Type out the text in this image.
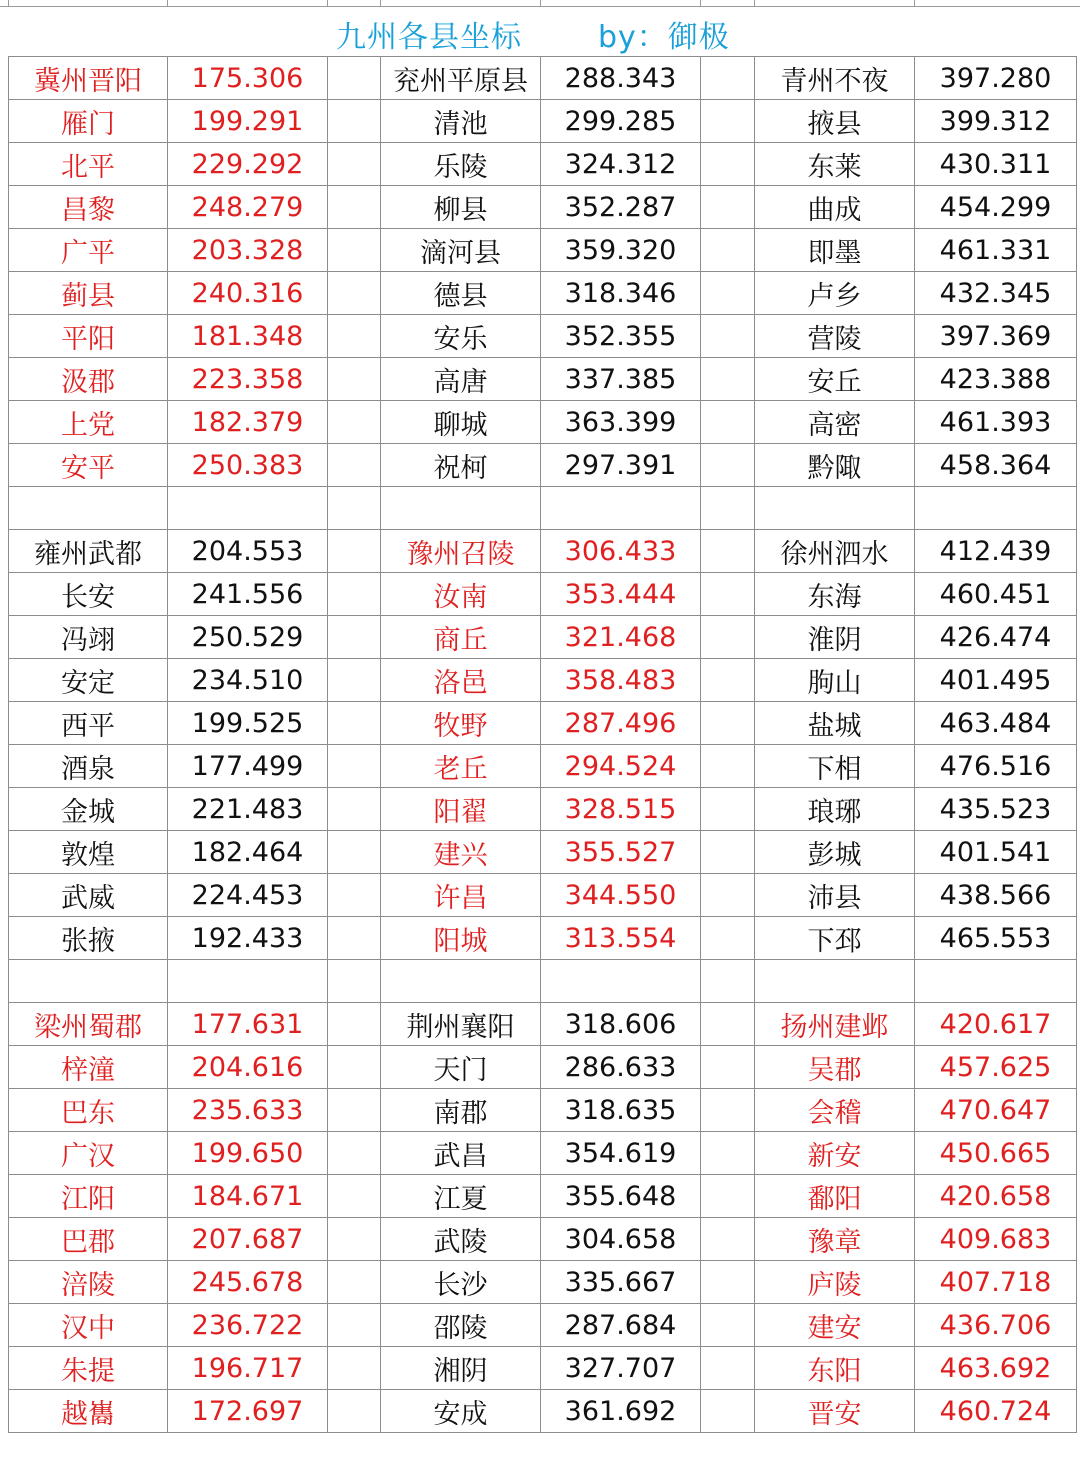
九州各县坐标	by：御极
冀州晋阳	175.306		兖州平原县	288.343		青州不夜	397.280
雁门	199.291		清池	299.285		掖县	399.312
北平	229.292		乐陵	324.312		东莱	430.311
昌黎	248.279		柳县	352.287		曲成	454.299
广平	203.328		滴河县	359.320		即墨	461.331
蓟县	240.316		德县	318.346		卢乡	432.345
平阳	181.348		安乐	352.355		营陵	397.369
汲郡	223.358		高唐	337.385		安丘	423.388
上党	182.379		聊城	363.399		高密	461.393
安平	250.383		祝柯	297.391		黔陬	458.364

雍州武都	204.553		豫州召陵	306.433		徐州泗水	412.439
长安	241.556		汝南	353.444		东海	460.451
冯翊	250.529		商丘	321.468		淮阴	426.474
安定	234.510		洛邑	358.483		朐山	401.495
西平	199.525		牧野	287.496		盐城	463.484
酒泉	177.499		老丘	294.524		下相	476.516
金城	221.483		阳翟	328.515		琅琊	435.523
敦煌	182.464		建兴	355.527		彭城	401.541
武威	224.453		许昌	344.550		沛县	438.566
张掖	192.433		阳城	313.554		下邳	465.553

梁州蜀郡	177.631		荆州襄阳	318.606		扬州建邺	420.617
梓潼	204.616		天门	286.633		吴郡	457.625
巴东	235.633		南郡	318.635		会稽	470.647
广汉	199.650		武昌	354.619		新安	450.665
江阳	184.671		江夏	355.648		鄱阳	420.658
巴郡	207.687		武陵	304.658		豫章	409.683
涪陵	245.678		长沙	335.667		庐陵	407.718
汉中	236.722		邵陵	287.684		建安	436.706
朱提	196.717		湘阴	327.707		东阳	463.692
越巂	172.697		安成	361.692		晋安	460.724
